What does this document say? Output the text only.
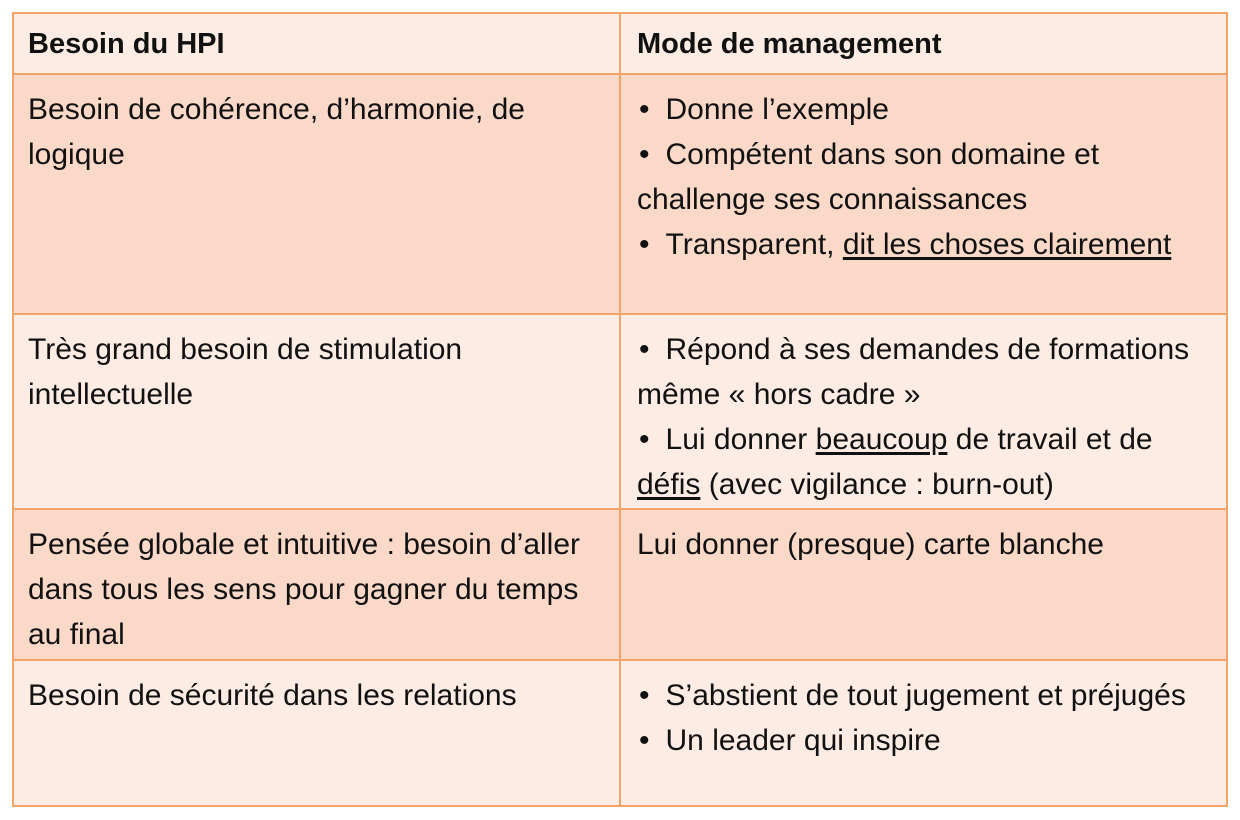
Besoin du HPI	Mode de management
Besoin de cohérence, d’harmonie, de logique
• Donne l’exemple
• Compétent dans son domaine et challenge ses connaissances
• Transparent, dit les choses clairement
Très grand besoin de stimulation intellectuelle
• Répond à ses demandes de formations même « hors cadre »
• Lui donner beaucoup de travail et de défis (avec vigilance : burn-out)
Pensée globale et intuitive : besoin d’aller dans tous les sens pour gagner du temps au final
Lui donner (presque) carte blanche
Besoin de sécurité dans les relations	• S’abstient de tout jugement et préjugés
• Un leader qui inspire
